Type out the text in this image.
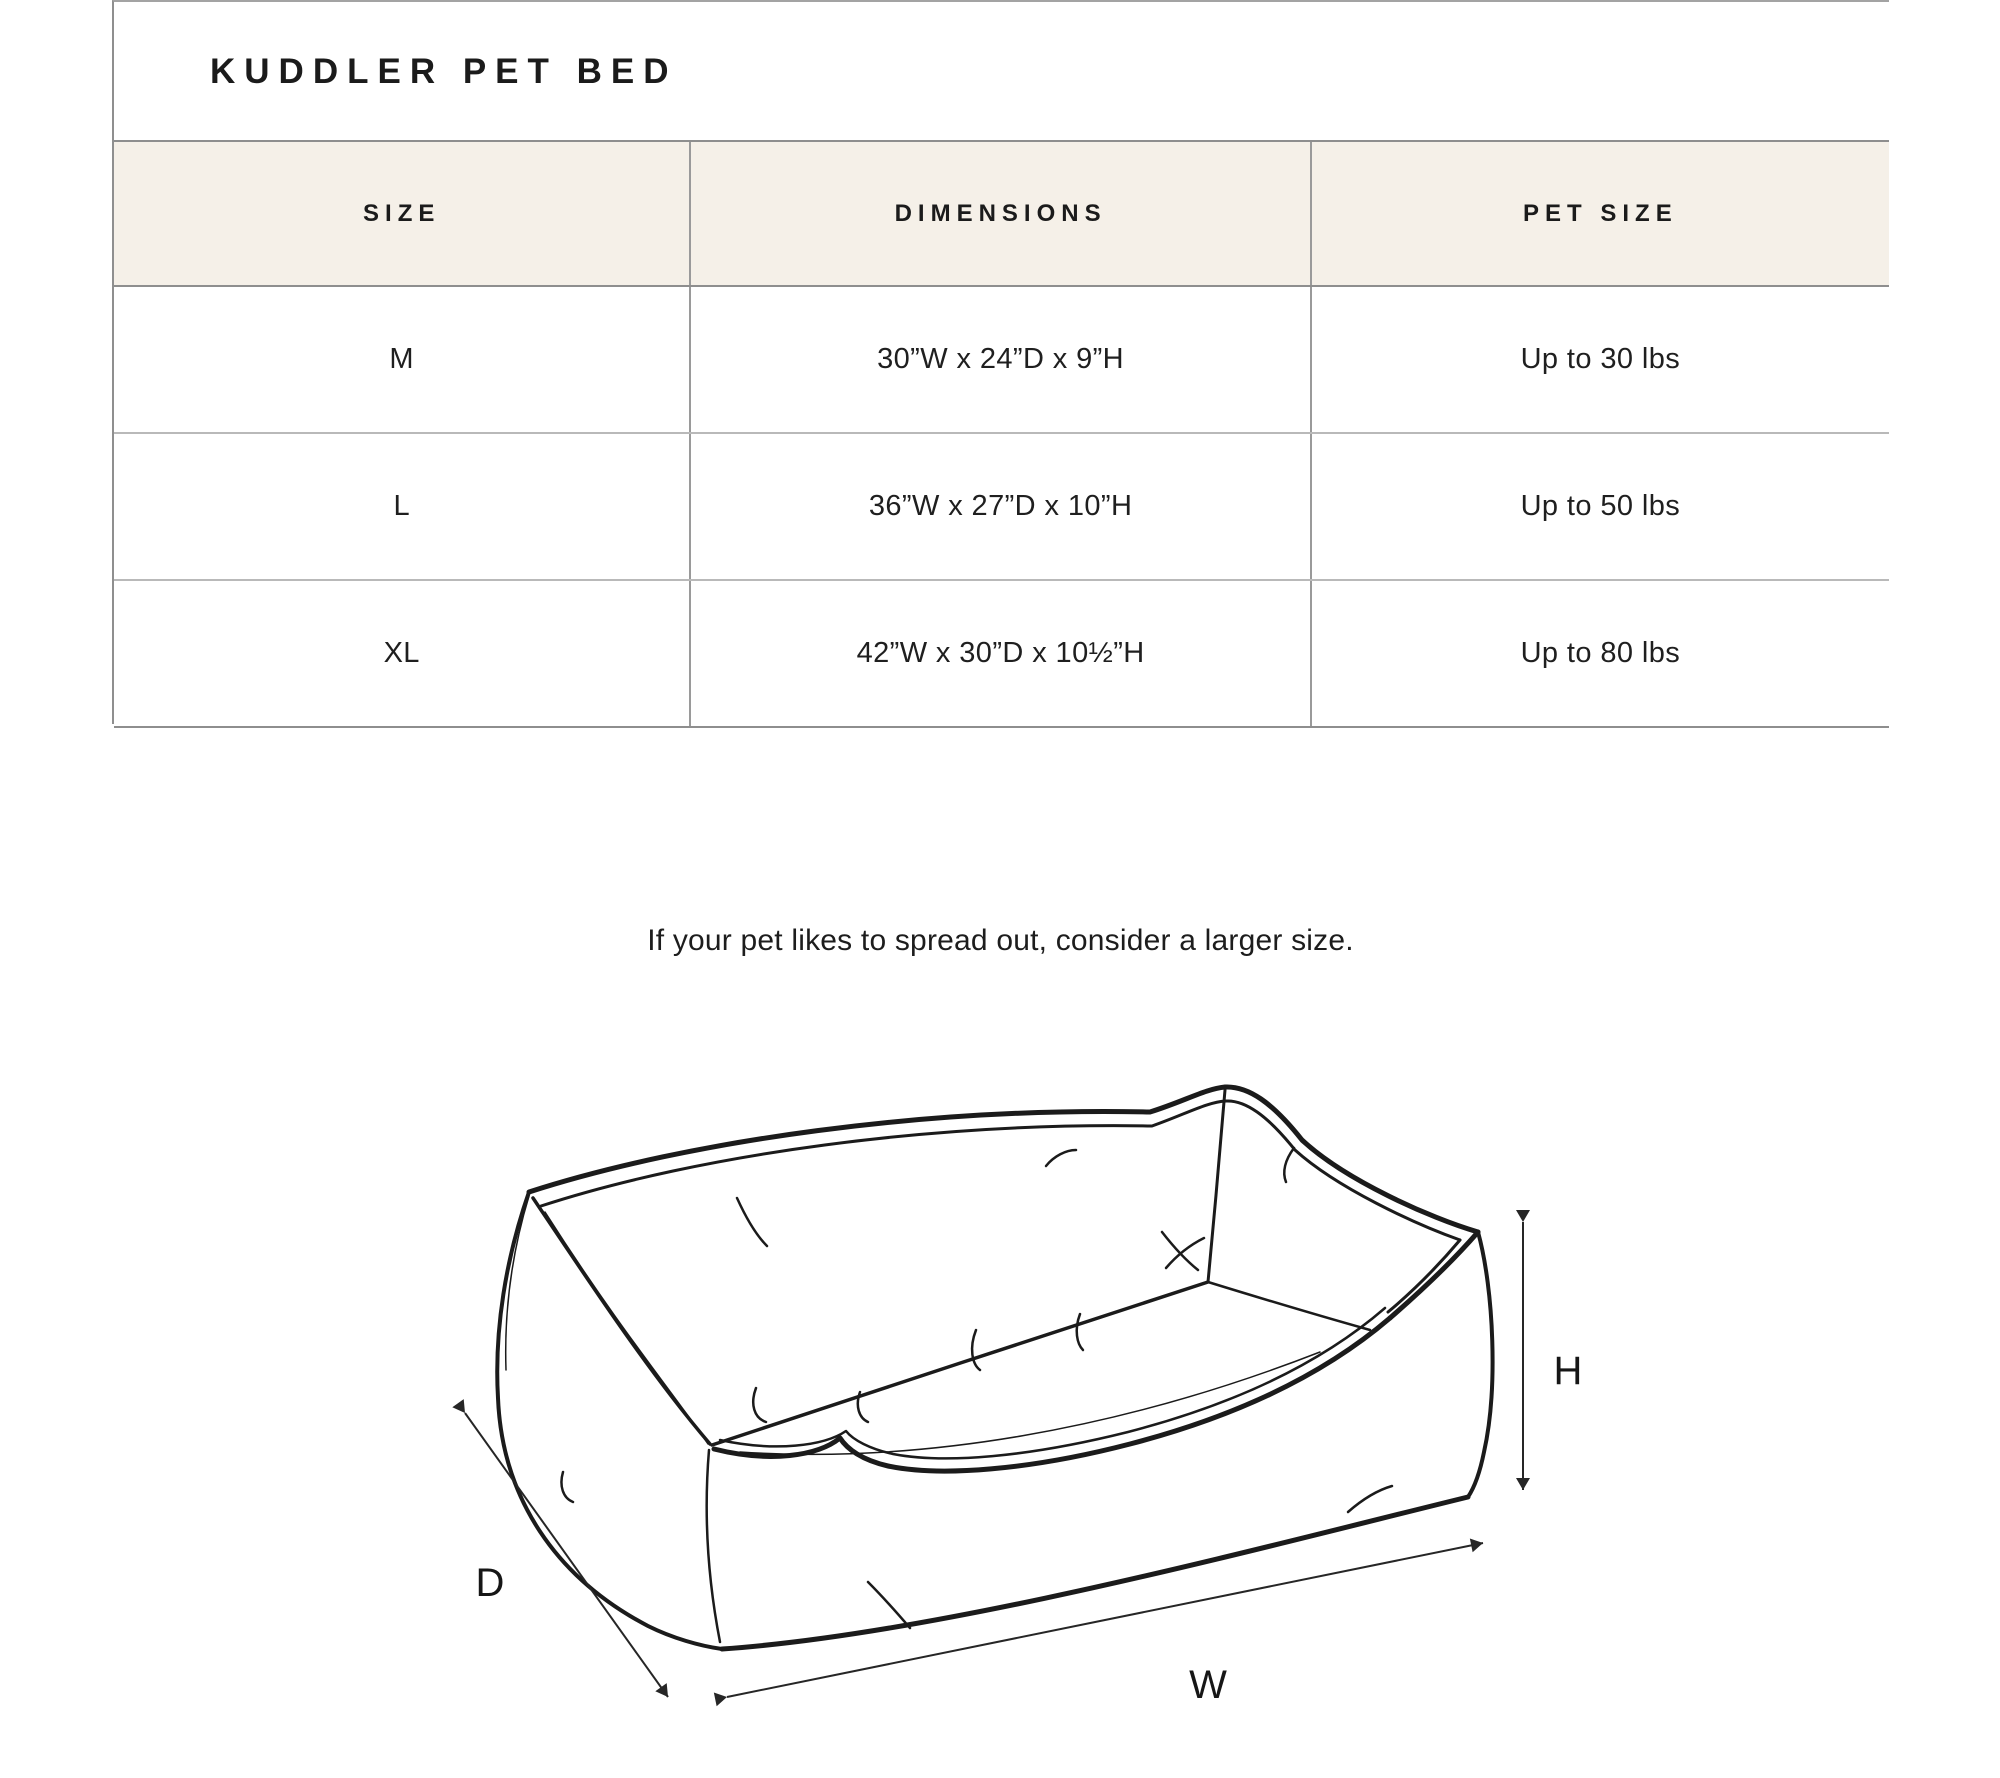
KUDDLER PET BED
SIZE	DIMENSIONS	PET SIZE
M	30”W x 24”D x 9”H	Up to 30 lbs
L	36”W x 27”D x 10”H	Up to 50 lbs
XL	42”W x 30”D x 10½”H	Up to 80 lbs
If your pet likes to spread out, consider a larger size.
D
W
H
